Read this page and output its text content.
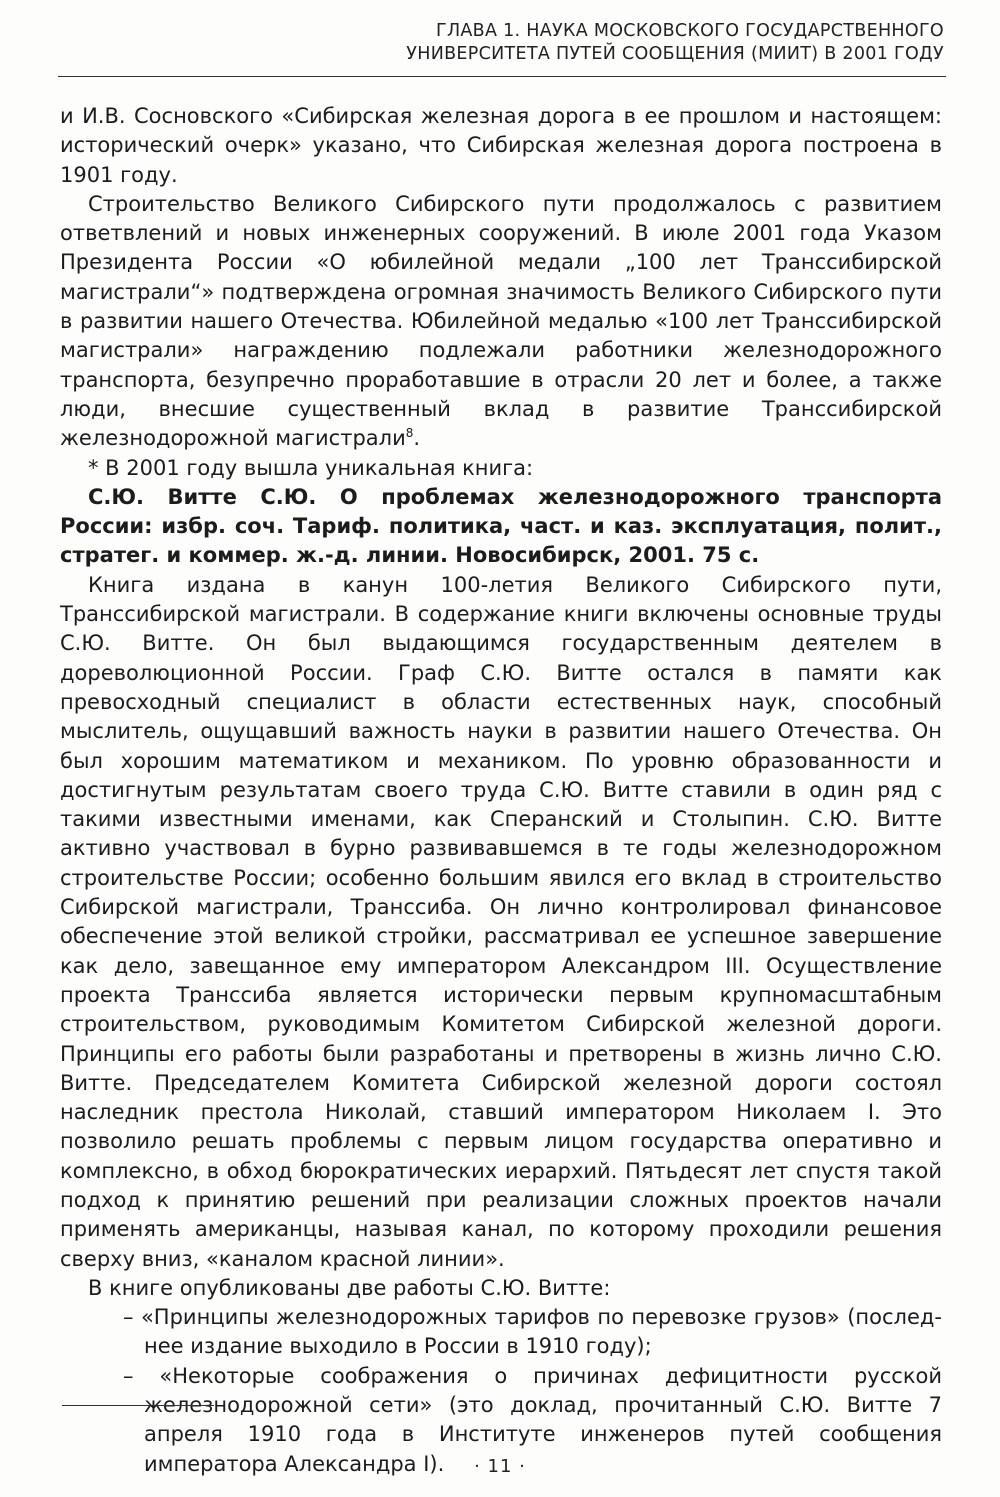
ГЛАВА 1. НАУКА МОСКОВСКОГО ГОСУДАРСТВЕННОГО
УНИВЕРСИТЕТА ПУТЕЙ СООБЩЕНИЯ (МИИТ) В 2001 ГОДУ

и И.В. Сосновского «Сибирская железная дорога в ее прошлом и настоящем: исторический очерк» указано, что Сибирская железная дорога построена в 1901 году.

Строительство Великого Сибирского пути продолжалось с развитием ответвлений и новых инженерных сооружений. В июле 2001 года Указом Президента России «О юбилейной медали „100 лет Транссибирской магистрали“» подтверждена огромная значимость Великого Сибирского пути в развитии нашего Отечества. Юбилейной медалью «100 лет Транссибирской магистрали» награждению подлежали работники железнодорожного транспорта, безупречно проработавшие в отрасли 20 лет и более, а также люди, внесшие существенный вклад в развитие Транссибирской железнодорожной магистрали$^8$.

* В 2001 году вышла уникальная книга:

С.Ю. Витте С.Ю. О проблемах железнодорожного транспорта России: избр. соч. Тариф. политика, част. и каз. эксплуатация, полит., стратег. и коммер. ж.-д. линии. Новосибирск, 2001. 75 с.

Книга издана в канун 100-летия Великого Сибирского пути, Транссибирской магистрали. В содержание книги включены основные труды С.Ю. Витте. Он был выдающимся государственным деятелем в дореволюционной России. Граф С.Ю. Витте остался в памяти как превосходный специалист в области естественных наук, способный мыслитель, ощущавший важность науки в развитии нашего Отечества. Он был хорошим математиком и механиком. По уровню образованности и достигнутым результатам своего труда С.Ю. Витте ставили в один ряд с такими известными именами, как Сперанский и Столыпин. С.Ю. Витте активно участвовал в бурно развивавшемся в те годы железнодорожном строительстве России; особенно большим явился его вклад в строительство Сибирской магистрали, Транссиба. Он лично контролировал финансовое обеспечение этой великой стройки, рассматривал ее успешное завершение как дело, завещанное ему императором Александром III. Осуществление проекта Транссиба является исторически первым крупномасштабным строительством, руководимым Комитетом Сибирской железной дороги. Принципы его работы были разработаны и претворены в жизнь лично С.Ю. Витте. Председателем Комитета Сибирской железной дороги состоял наследник престола Николай, ставший императором Николаем I. Это позволило решать проблемы с первым лицом государства оперативно и комплексно, в обход бюрократических иерархий. Пятьдесят лет спустя такой подход к принятию решений при реализации сложных проектов начали применять американцы, называя канал, по которому проходили решения сверху вниз, «каналом красной линии».

В книге опубликованы две работы С.Ю. Витте:

– «Принципы железнодорожных тарифов по перевозке грузов» (последнее издание выходило в России в 1910 году);
– «Некоторые соображения о причинах дефицитности русской железнодорожной сети» (это доклад, прочитанный С.Ю. Витте 7 апреля 1910 года в Институте инженеров путей сообщения императора Александра I).	· 11 ·
